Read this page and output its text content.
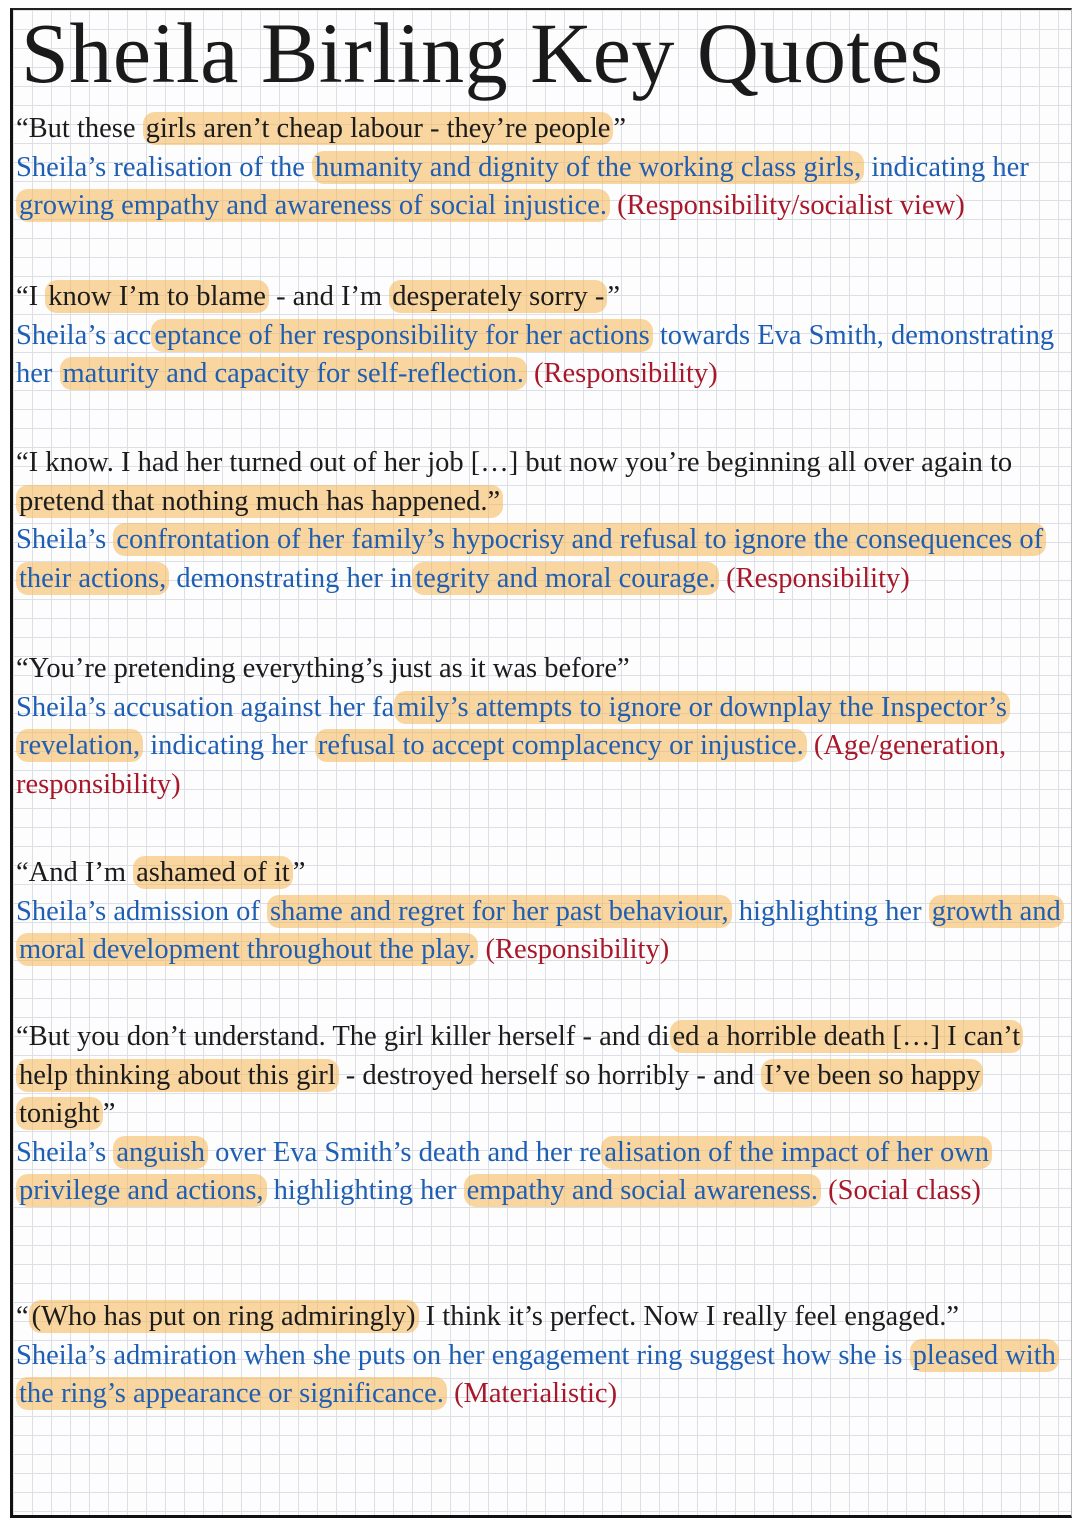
Sheila Birling Key Quotes

“But these girls aren’t cheap labour - they’re people ”

Sheila’s realisation of the humanity and dignity of the working class girls, indicating her growing empathy and awareness of social injustice. (Responsibility/socialist view)

“I know I’m to blame - and I’m desperately sorry - ”

Sheila’s acc eptance of her responsibility for her actions towards Eva Smith, demonstrating her maturity and capacity for self-reflection. (Responsibility)

“I know. I had her turned out of her job […] but now you’re beginning all over again to pretend that nothing much has happened.”

Sheila’s confrontation of her family’s hypocrisy and refusal to ignore the consequences of their actions, demonstrating her in tegrity and moral courage. (Responsibility)

“You’re pretending everything’s just as it was before”

Sheila’s accusation against her fa mily’s attempts to ignore or downplay the Inspector’s revelation, indicating her refusal to accept complacency or injustice. (Age/generation, responsibility)

“And I’m ashamed of it ”

Sheila’s admission of shame and regret for her past behaviour, highlighting her growth and moral development throughout the play. (Responsibility)

“But you don’t understand. The girl killer herself - and di ed a horrible death […] I can’t help thinking about this girl - destroyed herself so horribly - and I’ve been so happy tonight ”

Sheila’s anguish over Eva Smith’s death and her re alisation of the impact of her own privilege and actions, highlighting her empathy and social awareness. (Social class)

“ (Who has put on ring admiringly) I think it’s perfect. Now I really feel engaged.”

Sheila’s admiration when she puts on her engagement ring suggest how she is pleased with the ring’s appearance or significance. (Materialistic)
